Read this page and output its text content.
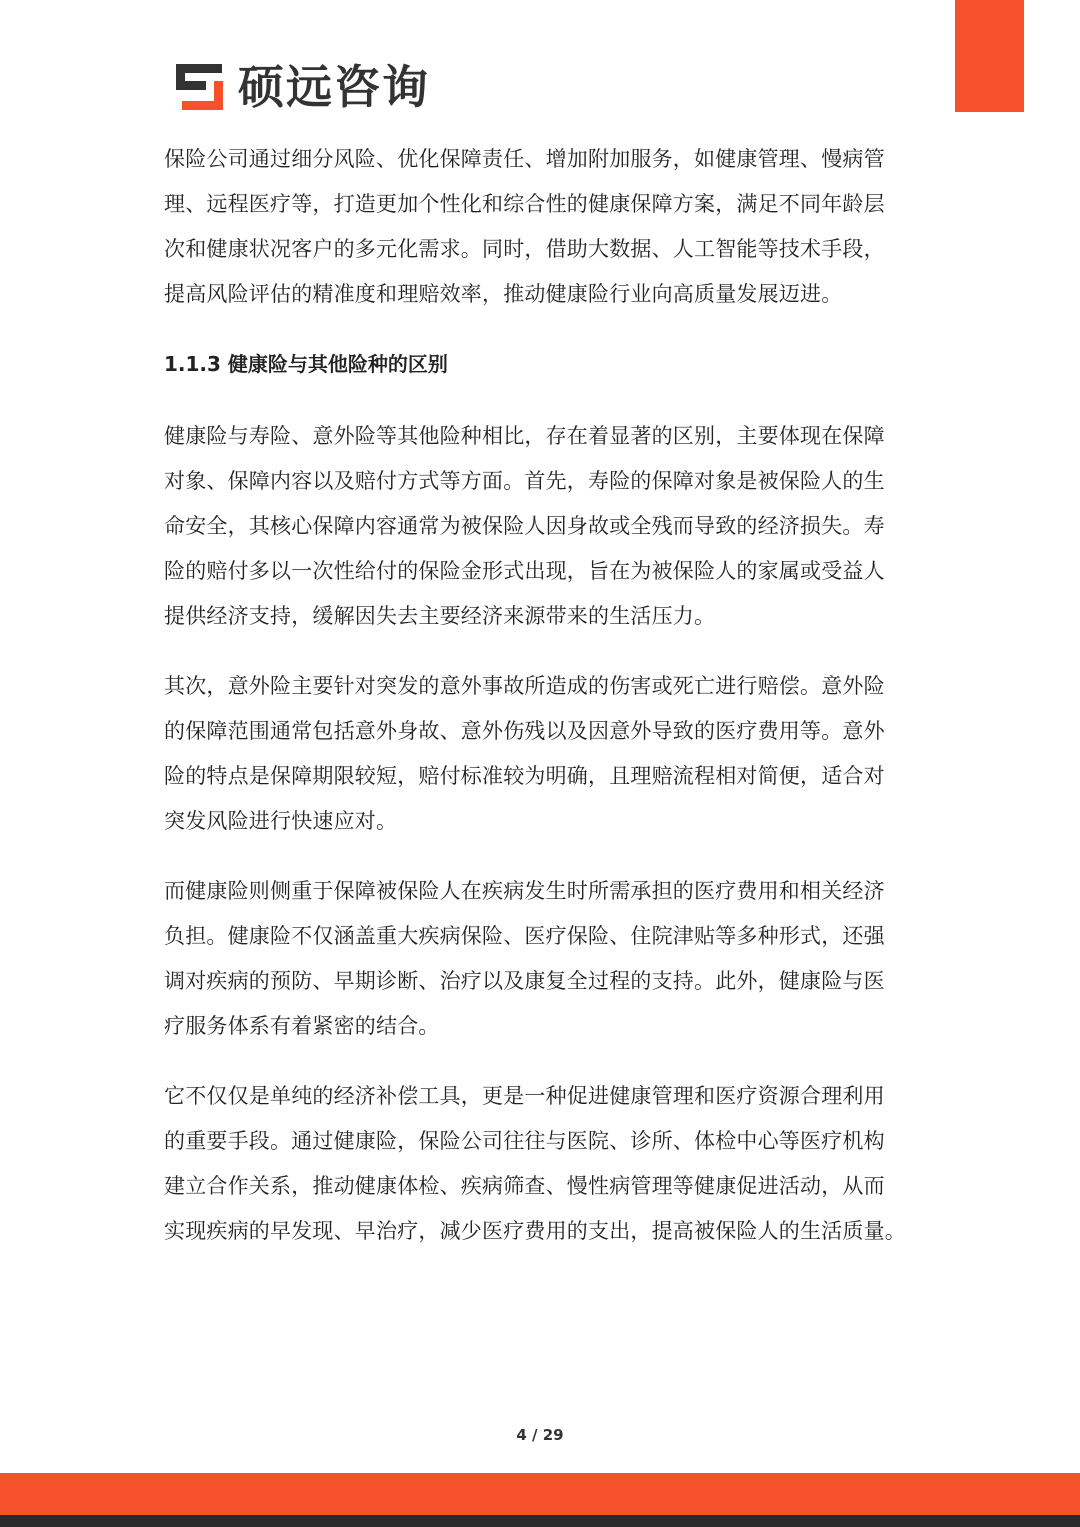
硕远咨询

保险公司通过细分风险、优化保障责任、增加附加服务，如健康管理、慢病管
理、远程医疗等，打造更加个性化和综合性的健康保障方案，满足不同年龄层
次和健康状况客户的多元化需求。同时，借助大数据、人工智能等技术手段，
提高风险评估的精准度和理赔效率，推动健康险行业向高质量发展迈进。

1.1.3 健康险与其他险种的区别

健康险与寿险、意外险等其他险种相比，存在着显著的区别，主要体现在保障
对象、保障内容以及赔付方式等方面。首先，寿险的保障对象是被保险人的生
命安全，其核心保障内容通常为被保险人因身故或全残而导致的经济损失。寿
险的赔付多以一次性给付的保险金形式出现，旨在为被保险人的家属或受益人
提供经济支持，缓解因失去主要经济来源带来的生活压力。

其次，意外险主要针对突发的意外事故所造成的伤害或死亡进行赔偿。意外险
的保障范围通常包括意外身故、意外伤残以及因意外导致的医疗费用等。意外
险的特点是保障期限较短，赔付标准较为明确，且理赔流程相对简便，适合对
突发风险进行快速应对。

而健康险则侧重于保障被保险人在疾病发生时所需承担的医疗费用和相关经济
负担。健康险不仅涵盖重大疾病保险、医疗保险、住院津贴等多种形式，还强
调对疾病的预防、早期诊断、治疗以及康复全过程的支持。此外，健康险与医
疗服务体系有着紧密的结合。

它不仅仅是单纯的经济补偿工具，更是一种促进健康管理和医疗资源合理利用
的重要手段。通过健康险，保险公司往往与医院、诊所、体检中心等医疗机构
建立合作关系，推动健康体检、疾病筛查、慢性病管理等健康促进活动，从而
实现疾病的早发现、早治疗，减少医疗费用的支出，提高被保险人的生活质量。

4 / 29
